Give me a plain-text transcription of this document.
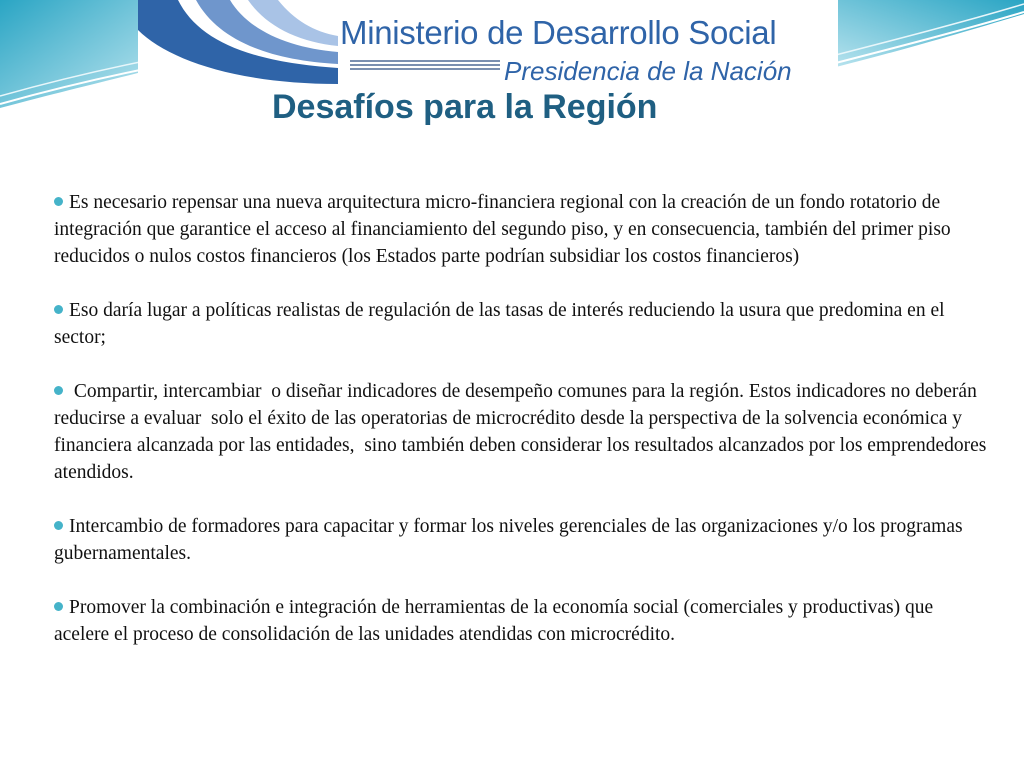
Ministerio de Desarrollo Social
Presidencia de la Nación
Desafíos para la Región

Es necesario repensar una nueva arquitectura micro-financiera regional con la creación de un fondo rotatorio de integración que garantice el acceso al financiamiento del segundo piso, y en consecuencia, también del primer piso reducidos o nulos costos financieros (los Estados parte podrían subsidiar los costos financieros)

Eso daría lugar a políticas realistas de regulación de las tasas de interés reduciendo la usura que predomina en el sector;

Compartir, intercambiar  o diseñar indicadores de desempeño comunes para la región. Estos indicadores no deberán reducirse a evaluar  solo el éxito de las operatorias de microcrédito desde la perspectiva de la solvencia económica y financiera alcanzada por las entidades,  sino también deben considerar los resultados alcanzados por los emprendedores atendidos.

Intercambio de formadores para capacitar y formar los niveles gerenciales de las organizaciones y/o los programas gubernamentales.

Promover la combinación e integración de herramientas de la economía social (comerciales y productivas) que acelere el proceso de consolidación de las unidades atendidas con microcrédito.
